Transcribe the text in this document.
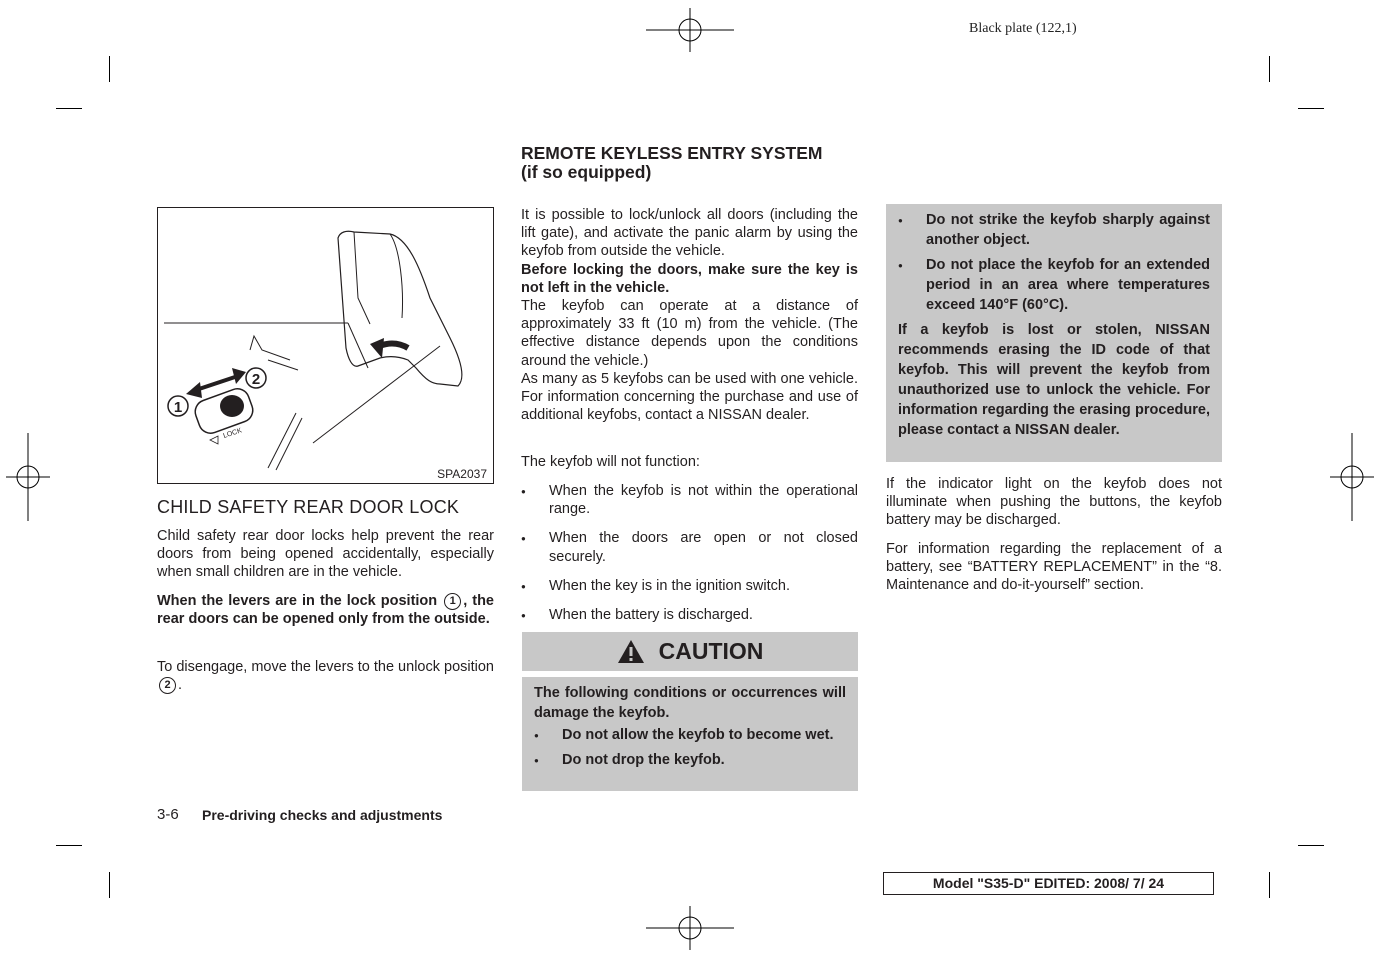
Black plate (122,1)
1
2
LOCK
SPA2037
CHILD SAFETY REAR DOOR LOCK
Child safety rear door locks help prevent the rear doors from being opened accidentally, especially when small children are in the vehicle.
When the levers are in the lock position 1 , the rear doors can be opened only from the outside.
To disengage, move the levers to the unlock position 2 .
REMOTE KEYLESS ENTRY SYSTEM
(if so equipped)
It is possible to lock/unlock all doors (including the lift gate), and activate the panic alarm by using the keyfob from outside the vehicle.
Before locking the doors, make sure the key is not left in the vehicle.
The keyfob can operate at a distance of approximately 33 ft (10 m) from the vehicle. (The effective distance depends upon the conditions around the vehicle.)
As many as 5 keyfobs can be used with one vehicle. For information concerning the purchase and use of additional keyfobs, contact a NISSAN dealer.
The keyfob will not function:
● When the keyfob is not within the operational range.
● When the doors are open or not closed securely.
● When the key is in the ignition switch.
● When the battery is discharged.
CAUTION
The following conditions or occurrences will damage the keyfob.
● Do not allow the keyfob to become wet.
● Do not drop the keyfob.
● Do not strike the keyfob sharply against another object.
● Do not place the keyfob for an extended period in an area where temperatures exceed 140°F (60°C).
If a keyfob is lost or stolen, NISSAN recommends erasing the ID code of that keyfob. This will prevent the keyfob from unauthorized use to unlock the vehicle. For information regarding the erasing procedure, please contact a NISSAN dealer.
If the indicator light on the keyfob does not illuminate when pushing the buttons, the keyfob battery may be discharged.
For information regarding the replacement of a battery, see “BATTERY REPLACEMENT” in the “8. Maintenance and do-it-yourself” section.
3-6 Pre-driving checks and adjustments
Model "S35-D" EDITED: 2008/ 7/ 24
